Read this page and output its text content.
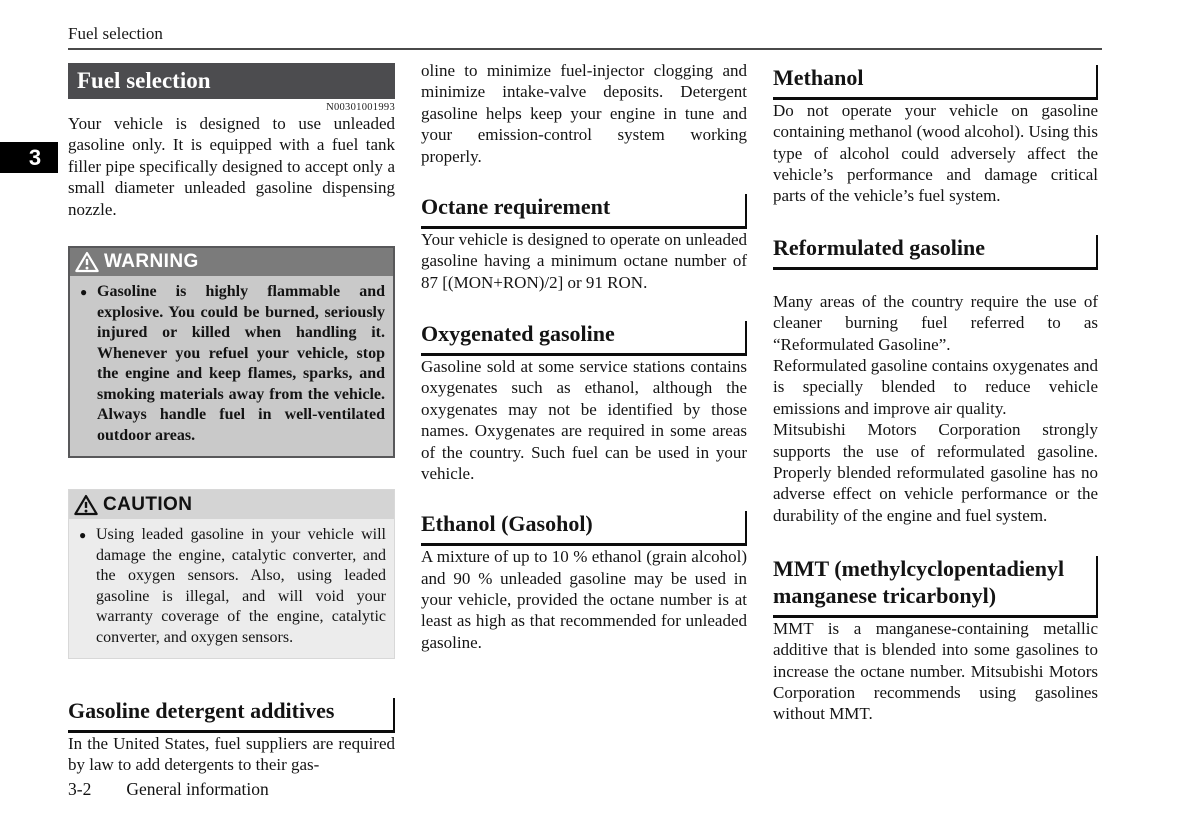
Fuel selection
3
Fuel selection
N00301001993

Your vehicle is designed to use unleaded gasoline only. It is equipped with a fuel tank filler pipe specifically designed to accept only a small diameter unleaded gasoline dispensing nozzle.

WARNING
● Gasoline is highly flammable and explosive. You could be burned, seriously injured or killed when handling it. Whenever you refuel your vehicle, stop the engine and keep flames, sparks, and smoking materials away from the vehicle. Always handle fuel in well-ventilated outdoor areas.
CAUTION
● Using leaded gasoline in your vehicle will damage the engine, catalytic converter, and the oxygen sensors. Also, using leaded gasoline is illegal, and will void your warranty coverage of the engine, catalytic converter, and oxygen sensors.
Gasoline detergent additives

In the United States, fuel suppliers are required by law to add detergents to their gas-

oline to minimize fuel-injector clogging and minimize intake-valve deposits. Detergent gasoline helps keep your engine in tune and your emission-control system working properly.

Octane requirement

Your vehicle is designed to operate on unleaded gasoline having a minimum octane number of 87 [(MON+RON)/2] or 91 RON.

Oxygenated gasoline

Gasoline sold at some service stations contains oxygenates such as ethanol, although the oxygenates may not be identified by those names. Oxygenates are required in some areas of the country. Such fuel can be used in your vehicle.

Ethanol (Gasohol)

A mixture of up to 10 % ethanol (grain alcohol) and 90 % unleaded gasoline may be used in your vehicle, provided the octane number is at least as high as that recommended for unleaded gasoline.

Methanol

Do not operate your vehicle on gasoline containing methanol (wood alcohol). Using this type of alcohol could adversely affect the vehicle’s performance and damage critical parts of the vehicle’s fuel system.

Reformulated gasoline

Many areas of the country require the use of cleaner burning fuel referred to as “Reformulated Gasoline”.

Reformulated gasoline contains oxygenates and is specially blended to reduce vehicle emissions and improve air quality.

Mitsubishi Motors Corporation strongly supports the use of reformulated gasoline. Properly blended reformulated gasoline has no adverse effect on vehicle performance or the durability of the engine and fuel system.

MMT (methylcyclopentadienyl manganese tricarbonyl)

MMT is a manganese-containing metallic additive that is blended into some gasolines to increase the octane number. Mitsubishi Motors Corporation recommends using gasolines without MMT.

3-2 General information
